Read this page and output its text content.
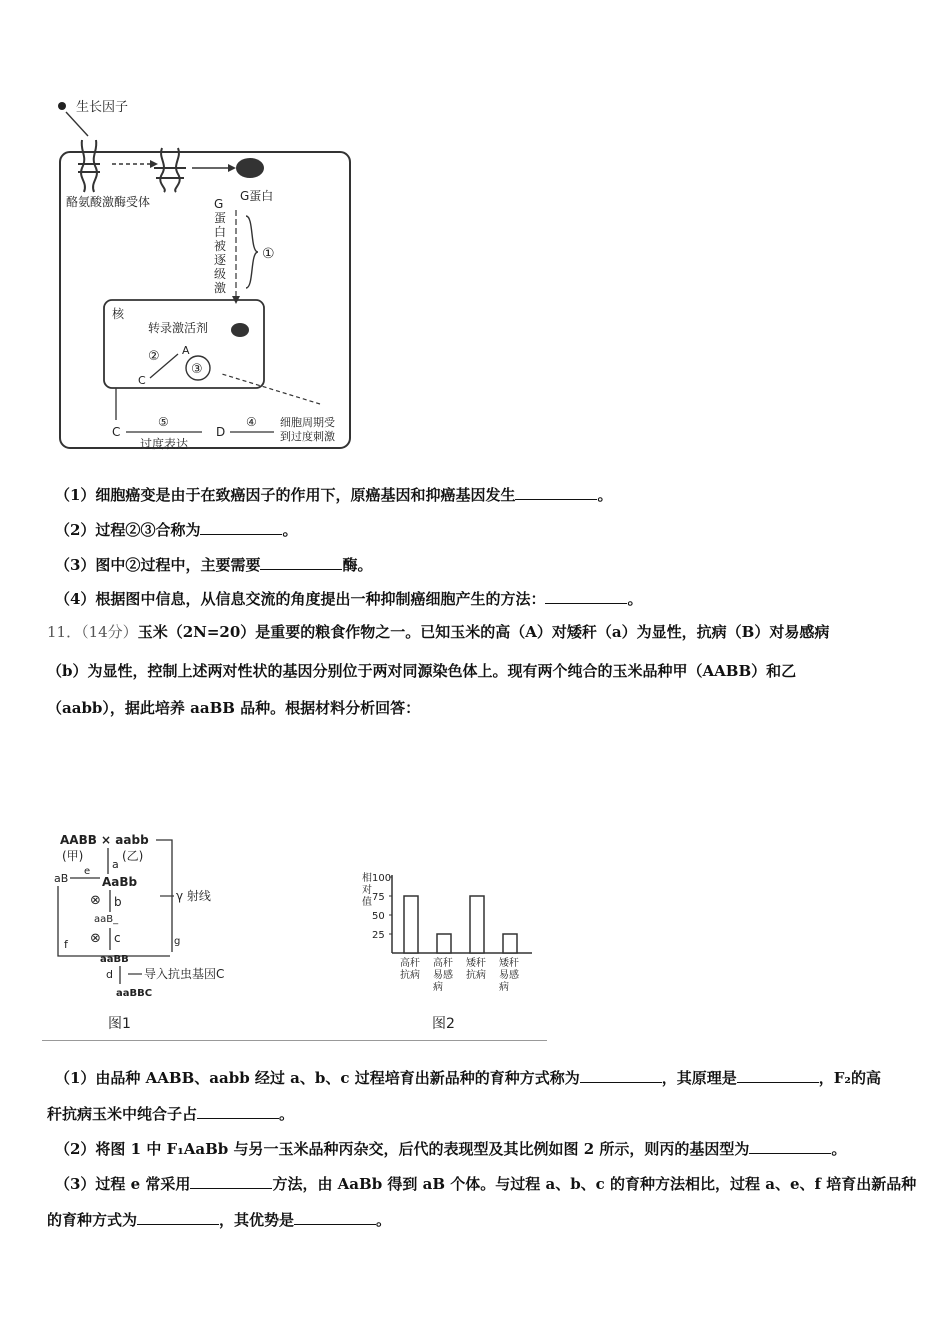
生长因子
酪氨酸激酶受体	G蛋白
G
蛋
白
被
逐
级
激
①
核
转录激活剂
A
②
③
C
C
⑤
过度表达
D
④ 细胞周期受
到过度刺激
（1）细胞癌变是由于在致癌因子的作用下，原癌基因和抑癌基因发生	。
（2）过程②③合称为	。
（3）图中②过程中，主要需要	酶。
（4）根据图中信息，从信息交流的角度提出一种抑制癌细胞产生的方法：	。
11．（14分）玉米（2N=20）是重要的粮食作物之一。已知玉米的高（A）对矮秆（a）为显性，抗病（B）对易感病
（b）为显性，控制上述两对性状的基因分别位于两对同源染色体上。现有两个纯合的玉米品种甲（AABB）和乙
（aabb），据此培养 aaBB 品种。根据材料分析回答：
AABB × aabb
(甲)	(乙)
a
aB
e
AaBb
γ 射线
⊗ b
aaB_
⊗ c
f	g
aaBB
d	导入抗虫基因C
aaBBC
图1
相
对
值
25
50
75
100
高秆
抗病
高秆
易感
病
矮秆
抗病
矮秆
易感
病
图2
（1）由品种 AABB、aabb 经过 a、b、c 过程培育出新品种的育种方式称为	，其原理是	，F₂的高
秆抗病玉米中纯合子占	。
（2）将图 1 中 F₁AaBb 与另一玉米品种丙杂交，后代的表现型及其比例如图 2 所示，则丙的基因型为	。
（3）过程 e 常采用	方法，由 AaBb 得到 aB 个体。与过程 a、b、c 的育种方法相比，过程 a、e、f 培育出新品种
的育种方式为	，其优势是	。
